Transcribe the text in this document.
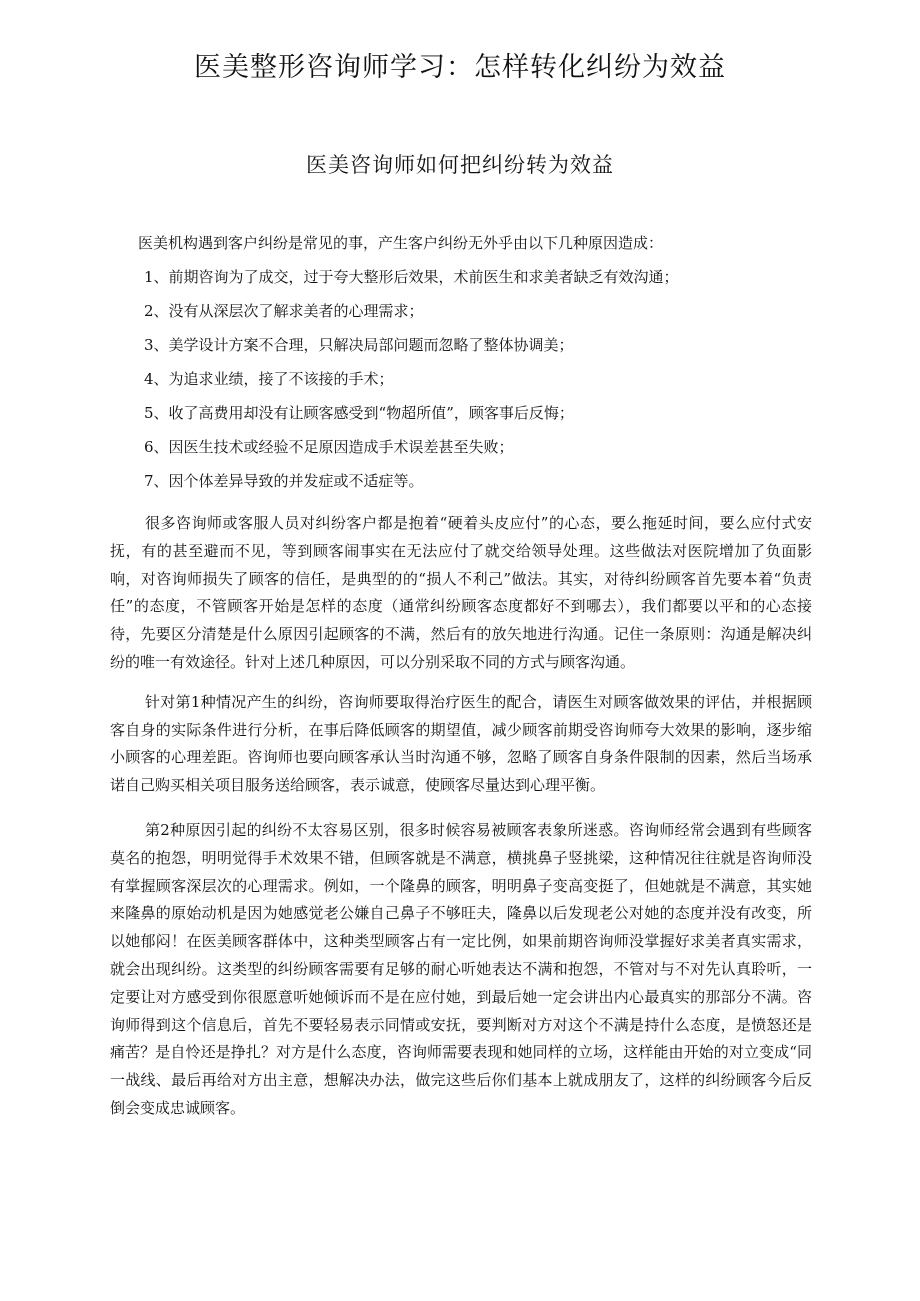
医美整形咨询师学习：怎样转化纠纷为效益
医美咨询师如何把纠纷转为效益

医美机构遇到客户纠纷是常见的事，产生客户纠纷无外乎由以下几种原因造成：

1、前期咨询为了成交，过于夸大整形后效果，术前医生和求美者缺乏有效沟通；
2、没有从深层次了解求美者的心理需求；
3、美学设计方案不合理，只解决局部问题而忽略了整体协调美；
4、为追求业绩，接了不该接的手术；
5、收了高费用却没有让顾客感受到“物超所值”，顾客事后反悔；
6、因医生技术或经验不足原因造成手术误差甚至失败；
7、因个体差异导致的并发症或不适症等。

很多咨询师或客服人员对纠纷客户都是抱着“硬着头皮应付”的心态，要么拖延时间，要么应付式安抚，有的甚至避而不见，等到顾客闹事实在无法应付了就交给领导处理。这些做法对医院增加了负面影响，对咨询师损失了顾客的信任，是典型的的“损人不利己”做法。其实，对待纠纷顾客首先要本着“负责任”的态度，不管顾客开始是怎样的态度（通常纠纷顾客态度都好不到哪去），我们都要以平和的心态接待，先要区分清楚是什么原因引起顾客的不满，然后有的放矢地进行沟通。记住一条原则：沟通是解决纠纷的唯一有效途径。针对上述几种原因，可以分别采取不同的方式与顾客沟通。

针对第1种情况产生的纠纷，咨询师要取得治疗医生的配合，请医生对顾客做效果的评估，并根据顾客自身的实际条件进行分析，在事后降低顾客的期望值，减少顾客前期受咨询师夸大效果的影响，逐步缩小顾客的心理差距。咨询师也要向顾客承认当时沟通不够，忽略了顾客自身条件限制的因素，然后当场承诺自己购买相关项目服务送给顾客，表示诚意，使顾客尽量达到心理平衡。

第2种原因引起的纠纷不太容易区别，很多时候容易被顾客表象所迷惑。咨询师经常会遇到有些顾客莫名的抱怨，明明觉得手术效果不错，但顾客就是不满意，横挑鼻子竖挑梁，这种情况往往就是咨询师没有掌握顾客深层次的心理需求。例如，一个隆鼻的顾客，明明鼻子变高变挺了，但她就是不满意，其实她来隆鼻的原始动机是因为她感觉老公嫌自己鼻子不够旺夫，隆鼻以后发现老公对她的态度并没有改变，所以她郁闷！在医美顾客群体中，这种类型顾客占有一定比例，如果前期咨询师没掌握好求美者真实需求，就会出现纠纷。这类型的纠纷顾客需要有足够的耐心听她表达不满和抱怨，不管对与不对先认真聆听，一定要让对方感受到你很愿意听她倾诉而不是在应付她，到最后她一定会讲出内心最真实的那部分不满。咨询师得到这个信息后，首先不要轻易表示同情或安抚，要判断对方对这个不满是持什么态度，是愤怒还是痛苦？是自怜还是挣扎？对方是什么态度，咨询师需要表现和她同样的立场，这样能由开始的对立变成“同一战线、最后再给对方出主意，想解决办法，做完这些后你们基本上就成朋友了，这样的纠纷顾客今后反倒会变成忠诚顾客。
